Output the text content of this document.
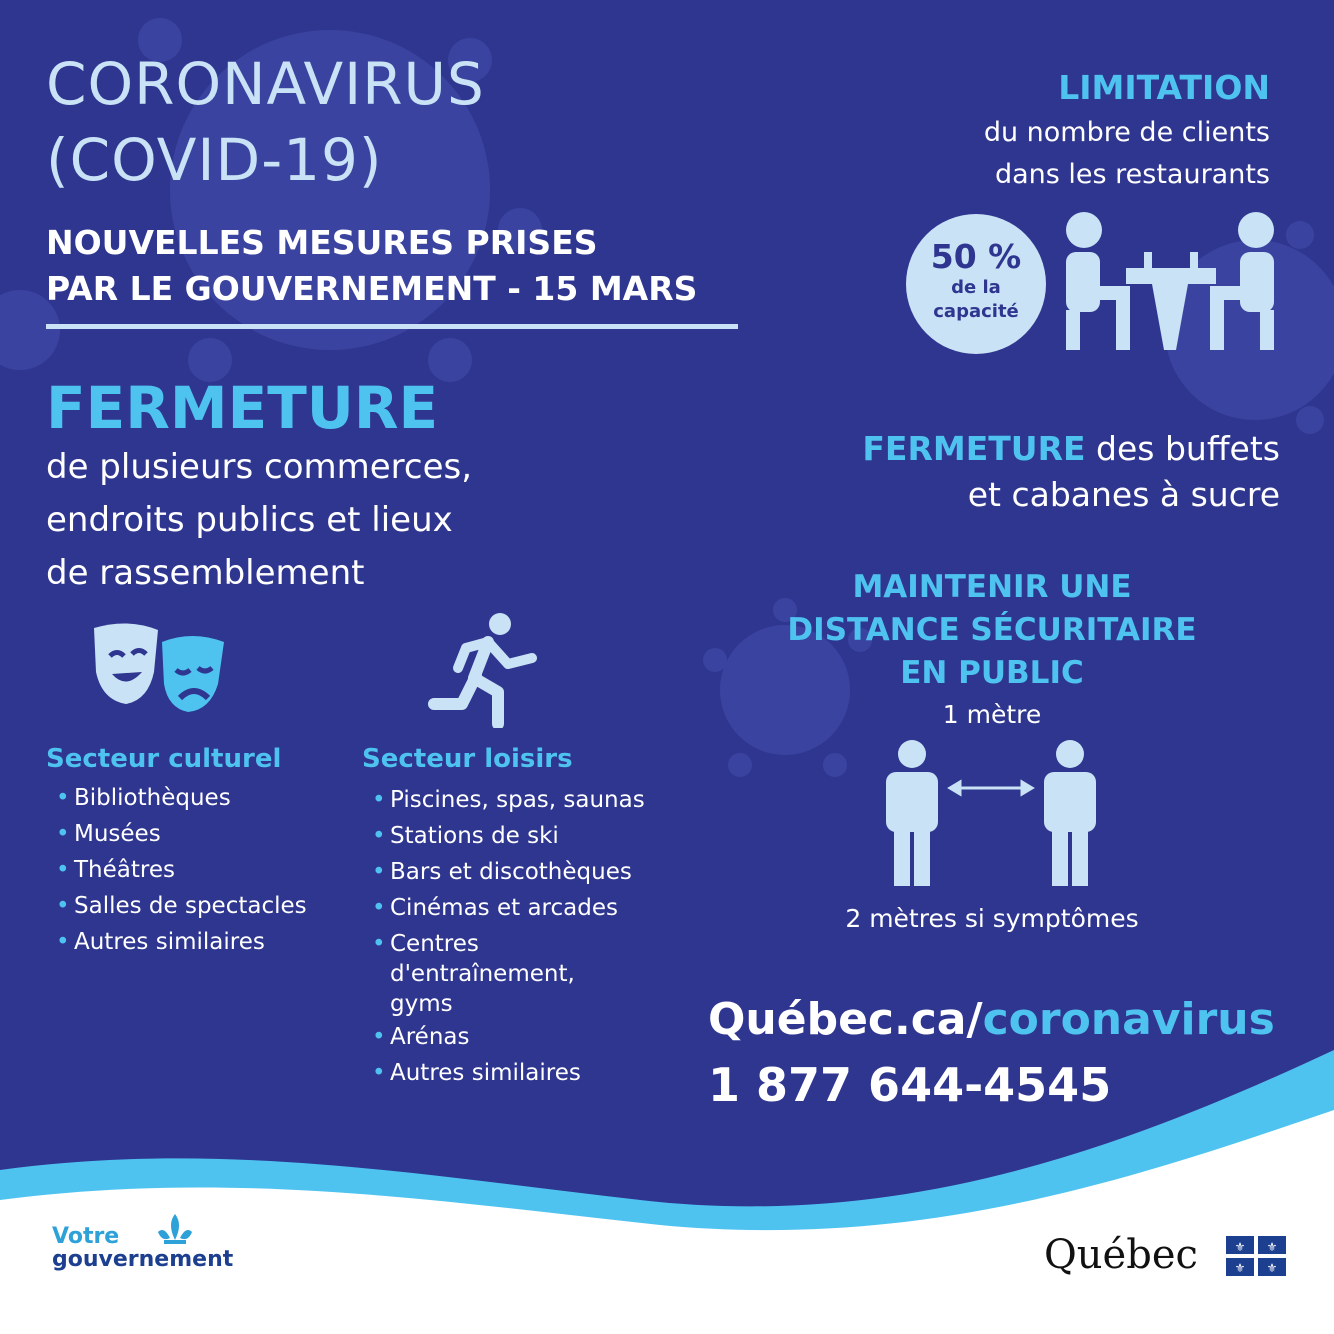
CORONAVIRUS
(COVID-19)
NOUVELLES MESURES PRISES
PAR LE GOUVERNEMENT - 15 MARS
FERMETURE
de plusieurs commerces,
endroits publics et lieux
de rassemblement
Secteur culturel
• Bibliothèques
• Musées
• Théâtres
• Salles de spectacles
• Autres similaires
Secteur loisirs
• Piscines, spas, saunas
• Stations de ski
• Bars et discothèques
• Cinémas et arcades
• Centres
d'entraînement,
gyms
• Arénas
• Autres similaires
LIMITATION
du nombre de clients
dans les restaurants
50 %
de la
capacité
FERMETURE des buffets
et cabanes à sucre
MAINTENIR UNE
DISTANCE SÉCURITAIRE
EN PUBLIC
1 mètre
2 mètres si symptômes
Québec.ca/coronavirus
1 877 644-4545
Votre
gouvernement	Québec	⚜ ⚜
⚜ ⚜
